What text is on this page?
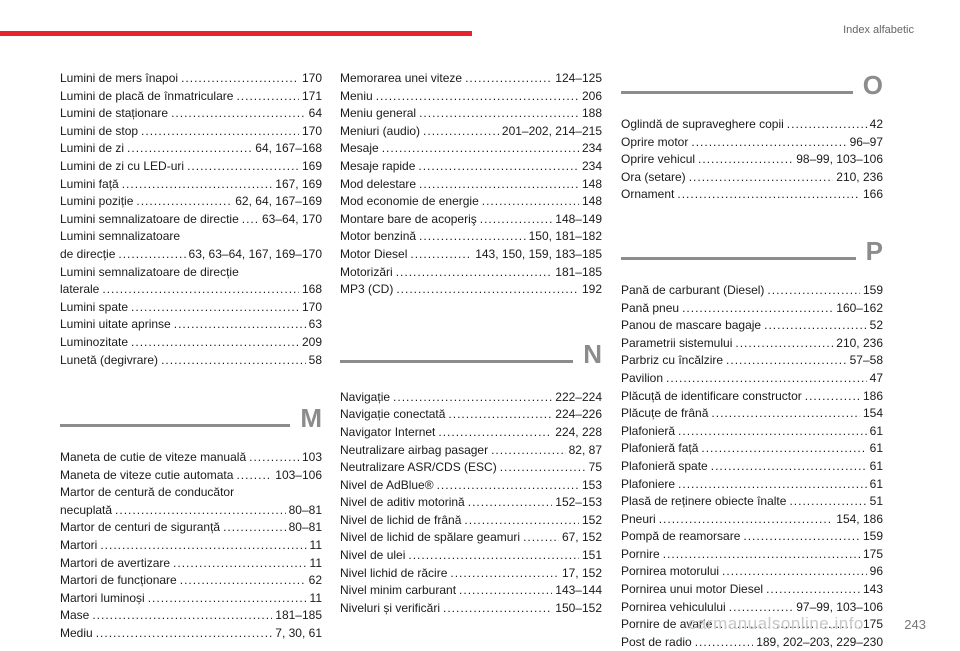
Index alfabetic
Lumini de mers înapoi .....	170
Lumini de placă de înmatriculare .....	171
Lumini de staționare .....	64
Lumini de stop .....	170
Lumini de zi .....	64, 167–168
Lumini de zi cu LED-uri .....	169
Lumini față .....	167, 169
Lumini poziție .....	62, 64, 167–169
Lumini semnalizatoare de directie ..... 63–64, 170
Lumini semnalizatoare
de direcție .....	63, 63–64, 167, 169–170
Lumini semnalizatoare de direcție
laterale .....	168
Lumini spate .....	170
Lumini uitate aprinse .....	63
Luminozitate .....	209
Lunetă (degivrare) .....	58
M
Maneta de cutie de viteze manuală .....	103
Maneta de viteze cutie automata .....	103–106
Martor de centură de conducător
necuplată .....	80–81
Martor de centuri de siguranță .....	80–81
Martori .....	11
Martori de avertizare .....	11
Martori de funcționare .....	62
Martori luminoși .....	11
Mase .....	181–185
Mediu .....	7, 30, 61
Memorarea unei viteze .....	124–125
Meniu .....	206
Meniu general .....	188
Meniuri (audio) .....	201–202, 214–215
Mesaje .....	234
Mesaje rapide .....	234
Mod delestare .....	148
Mod economie de energie .....	148
Montare bare de acoperiş .....	148–149
Motor benzină .....	150, 181–182
Motor Diesel .....	143, 150, 159, 183–185
Motorizări .....	181–185
MP3 (CD) .....	192
N
Navigație .....	222–224
Navigație conectată .....	224–226
Navigator Internet .....	224, 228
Neutralizare airbag pasager .....	82, 87
Neutralizare ASR/CDS (ESC) .....	75
Nivel de AdBlue® .....	153
Nivel de aditiv motorină .....	152–153
Nivel de lichid de frână .....	152
Nivel de lichid de spălare geamuri .....	67, 152
Nivel de ulei .....	151
Nivel lichid de răcire .....	17, 152
Nivel minim carburant .....	143–144
Niveluri și verificări .....	150–152
O
Oglindă de supraveghere copii .....	42
Oprire motor .....	96–97
Oprire vehicul .....	98–99, 103–106
Ora (setare) .....	210, 236
Ornament .....	166
P
Pană de carburant (Diesel) .....	159
Pană pneu .....	160–162
Panou de mascare bagaje .....	52
Parametrii sistemului .....	210, 236
Parbriz cu încălzire .....	57–58
Pavilion .....	47
Plăcuță de identificare constructor .....	186
Plăcuțe de frână .....	154
Plafonieră .....	61
Plafonieră față .....	61
Plafonieră spate .....	61
Plafoniere .....	61
Plasă de reținere obiecte înalte .....	51
Pneuri .....	154, 186
Pompă de reamorsare .....	159
Pornire .....	175
Pornirea motorului .....	96
Pornirea unui motor Diesel .....	143
Pornirea vehiculului .....	97–99, 103–106
Pornire de avarie .....	175
Post de radio .....	189, 202–203, 229–230
243
carmanualsonline.info
